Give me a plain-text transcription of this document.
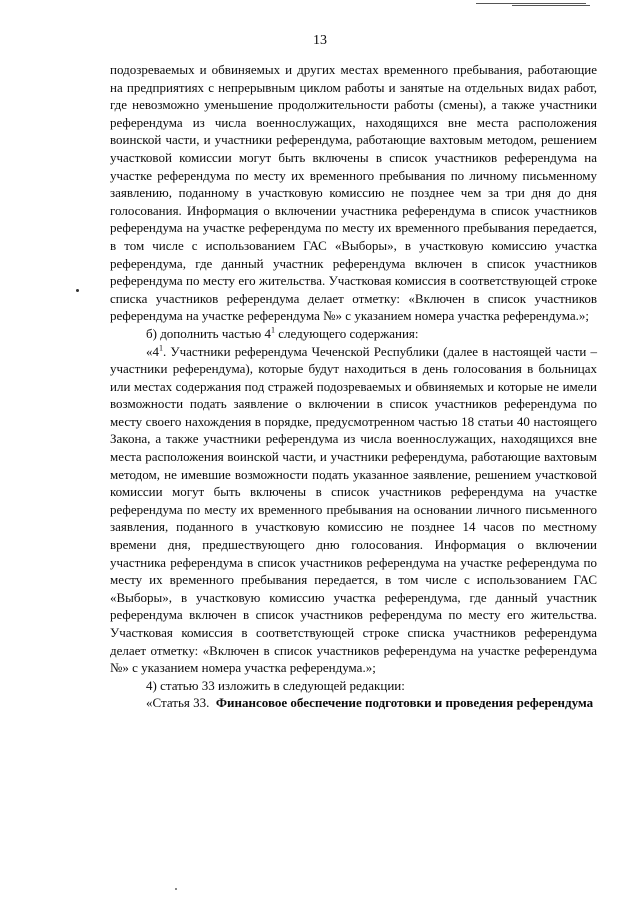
13

подозреваемых и обвиняемых и других местах временного пребывания, работающие на предприятиях с непрерывным циклом работы и занятые на отдельных видах работ, где невозможно уменьшение продолжительности работы (смены), а также участники референдума из числа военнослужащих, находящихся вне места расположения воинской части, и участники референдума, работающие вахтовым методом, решением участковой комиссии могут быть включены в список участников референдума на участке референдума по месту их временного пребывания по личному письменному заявлению, поданному в участковую комиссию не позднее чем за три дня до дня голосования. Информация о включении участника референдума в список участников референдума на участке референдума по месту их временного пребывания передается, в том числе с использованием ГАС «Выборы», в участковую комиссию участка референдума, где данный участник референдума включен в список участников референдума по месту его жительства. Участковая комиссия в соответствующей строке списка участников референдума делает отметку: «Включен в список участников референдума на участке референдума №» с указанием номера участка референдума.»;

б) дополнить частью $4^1$ следующего содержания:

«$4^1$. Участники референдума Чеченской Республики (далее в настоящей части – участники референдума), которые будут находиться в день голосования в больницах или местах содержания под стражей подозреваемых и обвиняемых и которые не имели возможности подать заявление о включении в список участников референдума по месту своего нахождения в порядке, предусмотренном частью 18 статьи 40 настоящего Закона, а также участники референдума из числа военнослужащих, находящихся вне места расположения воинской части, и участники референдума, работающие вахтовым методом, не имевшие возможности подать указанное заявление, решением участковой комиссии могут быть включены в список участников референдума на участке референдума по месту их временного пребывания на основании личного письменного заявления, поданного в участковую комиссию не позднее 14 часов по местному времени дня, предшествующего дню голосования. Информация о включении участника референдума в список участников референдума на участке референдума по месту их временного пребывания передается, в том числе с использованием ГАС «Выборы», в участковую комиссию участка референдума, где данный участник референдума включен в список участников референдума по месту его жительства. Участковая комиссия в соответствующей строке списка участников референдума делает отметку: «Включен в список участников референдума на участке референдума №» с указанием номера участка референдума.»;

4) статью 33 изложить в следующей редакции:

«Статья 33. Финансовое обеспечение подготовки и проведения референдума
